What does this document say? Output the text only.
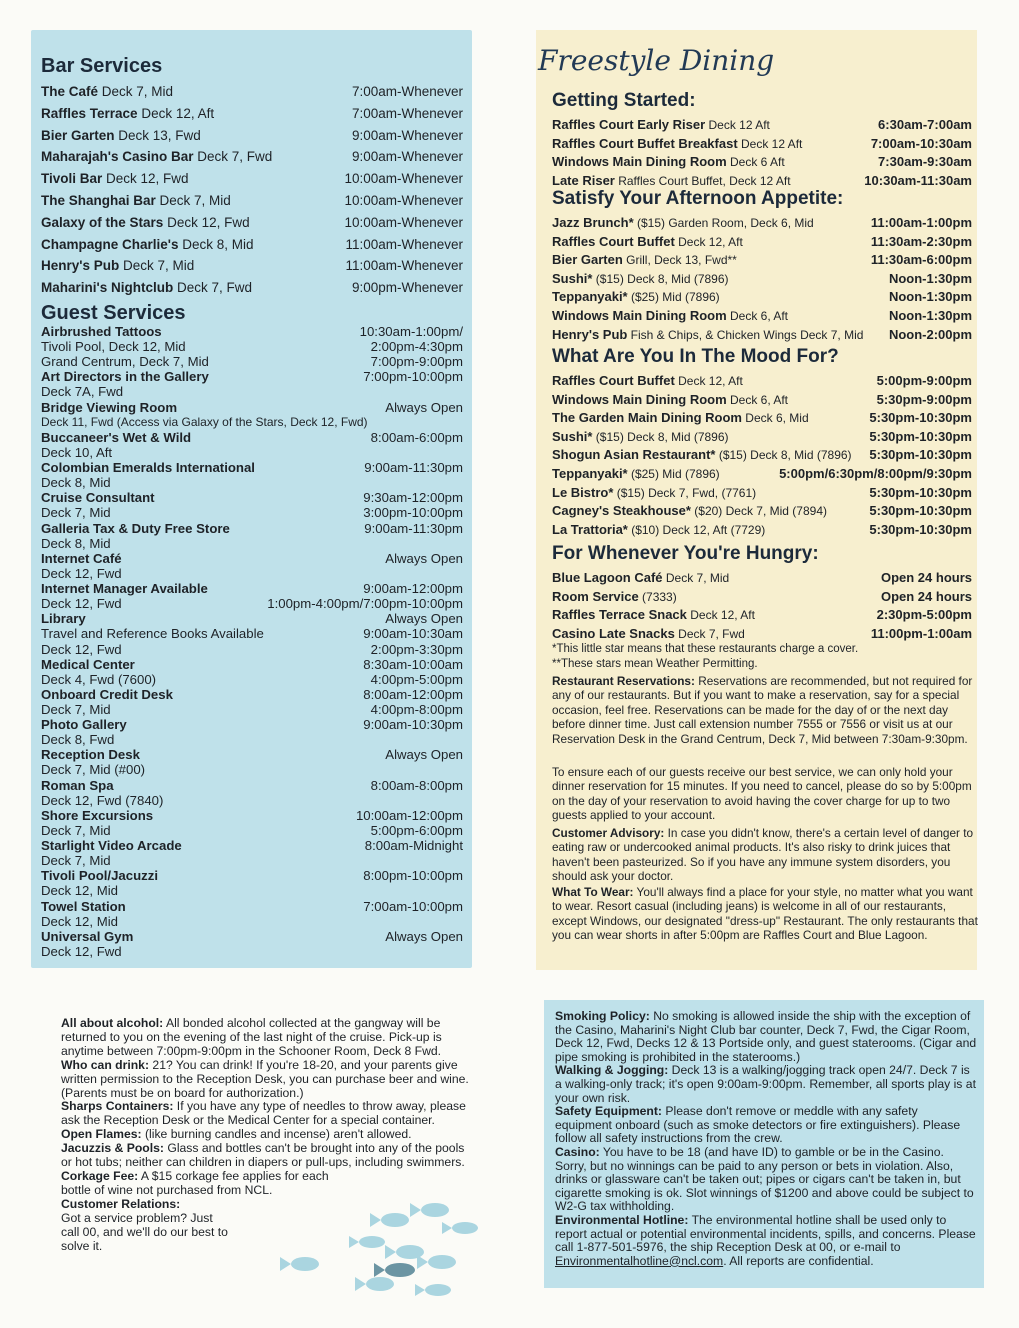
Bar Services
The Café Deck 7, Mid	7:00am-Whenever
Raffles Terrace Deck 12, Aft	7:00am-Whenever
Bier Garten Deck 13, Fwd	9:00am-Whenever
Maharajah's Casino Bar Deck 7, Fwd	9:00am-Whenever
Tivoli Bar Deck 12, Fwd	10:00am-Whenever
The Shanghai Bar Deck 7, Mid	10:00am-Whenever
Galaxy of the Stars Deck 12, Fwd	10:00am-Whenever
Champagne Charlie's Deck 8, Mid	11:00am-Whenever
Henry's Pub Deck 7, Mid	11:00am-Whenever
Maharini's Nightclub Deck 7, Fwd	9:00pm-Whenever
Guest Services
Airbrushed Tattoos	10:30am-1:00pm/
Tivoli Pool, Deck 12, Mid	2:00pm-4:30pm
Grand Centrum, Deck 7, Mid	7:00pm-9:00pm
Art Directors in the Gallery	7:00pm-10:00pm
Deck 7A, Fwd
Bridge Viewing Room	Always Open
Deck 11, Fwd (Access via Galaxy of the Stars, Deck 12, Fwd)
Buccaneer's Wet & Wild	8:00am-6:00pm
Deck 10, Aft
Colombian Emeralds International	9:00am-11:30pm
Deck 8, Mid
Cruise Consultant	9:30am-12:00pm
Deck 7, Mid	3:00pm-10:00pm
Galleria Tax & Duty Free Store	9:00am-11:30pm
Deck 8, Mid
Internet Café	Always Open
Deck 12, Fwd
Internet Manager Available	9:00am-12:00pm
Deck 12, Fwd	1:00pm-4:00pm/7:00pm-10:00pm
Library	Always Open
Travel and Reference Books Available	9:00am-10:30am
Deck 12, Fwd	2:00pm-3:30pm
Medical Center	8:30am-10:00am
Deck 4, Fwd (7600)	4:00pm-5:00pm
Onboard Credit Desk	8:00am-12:00pm
Deck 7, Mid	4:00pm-8:00pm
Photo Gallery	9:00am-10:30pm
Deck 8, Fwd
Reception Desk	Always Open
Deck 7, Mid (#00)
Roman Spa	8:00am-8:00pm
Deck 12, Fwd (7840)
Shore Excursions	10:00am-12:00pm
Deck 7, Mid	5:00pm-6:00pm
Starlight Video Arcade	8:00am-Midnight
Deck 7, Mid
Tivoli Pool/Jacuzzi	8:00pm-10:00pm
Deck 12, Mid
Towel Station	7:00am-10:00pm
Deck 12, Mid
Universal Gym	Always Open
Deck 12, Fwd
Freestyle Dining
Getting Started:
Raffles Court Early Riser Deck 12 Aft	6:30am-7:00am
Raffles Court Buffet Breakfast Deck 12 Aft	7:00am-10:30am
Windows Main Dining Room Deck 6 Aft	7:30am-9:30am
Late Riser Raffles Court Buffet, Deck 12 Aft	10:30am-11:30am
Satisfy Your Afternoon Appetite:
Jazz Brunch* ($15) Garden Room, Deck 6, Mid	11:00am-1:00pm
Raffles Court Buffet Deck 12, Aft	11:30am-2:30pm
Bier Garten Grill, Deck 13, Fwd**	11:30am-6:00pm
Sushi* ($15) Deck 8, Mid (7896)	Noon-1:30pm
Teppanyaki* ($25) Mid (7896)	Noon-1:30pm
Windows Main Dining Room Deck 6, Aft	Noon-1:30pm
Henry's Pub Fish & Chips, & Chicken Wings Deck 7, Mid	Noon-2:00pm
What Are You In The Mood For?
Raffles Court Buffet Deck 12, Aft	5:00pm-9:00pm
Windows Main Dining Room Deck 6, Aft	5:30pm-9:00pm
The Garden Main Dining Room Deck 6, Mid	5:30pm-10:30pm
Sushi* ($15) Deck 8, Mid (7896)	5:30pm-10:30pm
Shogun Asian Restaurant* ($15) Deck 8, Mid (7896)	5:30pm-10:30pm
Teppanyaki* ($25) Mid (7896)	5:00pm/6:30pm/8:00pm/9:30pm
Le Bistro* ($15) Deck 7, Fwd, (7761)	5:30pm-10:30pm
Cagney's Steakhouse* ($20) Deck 7, Mid (7894)	5:30pm-10:30pm
La Trattoria* ($10) Deck 12, Aft (7729)	5:30pm-10:30pm
For Whenever You're Hungry:
Blue Lagoon Café Deck 7, Mid	Open 24 hours
Room Service (7333)	Open 24 hours
Raffles Terrace Snack Deck 12, Aft	2:30pm-5:00pm
Casino Late Snacks Deck 7, Fwd	11:00pm-1:00am
*This little star means that these restaurants charge a cover.
**These stars mean Weather Permitting.
Restaurant Reservations: Reservations are recommended, but not required for any of our restaurants. But if you want to make a reservation, say for a special occasion, feel free. Reservations can be made for the day of or the next day before dinner time. Just call extension number 7555 or 7556 or visit us at our Reservation Desk in the Grand Centrum, Deck 7, Mid between 7:30am-9:30pm.
To ensure each of our guests receive our best service, we can only hold your dinner reservation for 15 minutes. If you need to cancel, please do so by 5:00pm on the day of your reservation to avoid having the cover charge for up to two guests applied to your account.
Customer Advisory: In case you didn't know, there's a certain level of danger to eating raw or undercooked animal products. It's also risky to drink juices that haven't been pasteurized. So if you have any immune system disorders, you should ask your doctor.
What To Wear: You'll always find a place for your style, no matter what you want to wear. Resort casual (including jeans) is welcome in all of our restaurants, except Windows, our designated "dress-up" Restaurant. The only restaurants that you can wear shorts in after 5:00pm are Raffles Court and Blue Lagoon.
All about alcohol: All bonded alcohol collected at the gangway will be returned to you on the evening of the last night of the cruise. Pick-up is anytime between 7:00pm-9:00pm in the Schooner Room, Deck 8 Fwd.
Who can drink: 21? You can drink! If you're 18-20, and your parents give written permission to the Reception Desk, you can purchase beer and wine. (Parents must be on board for authorization.)
Sharps Containers: If you have any type of needles to throw away, please ask the Reception Desk or the Medical Center for a special container.
Open Flames: (like burning candles and incense) aren't allowed.
Jacuzzis & Pools: Glass and bottles can't be brought into any of the pools or hot tubs; neither can children in diapers or pull-ups, including swimmers.
Corkage Fee: A $15 corkage fee applies for each bottle of wine not purchased from NCL.
Customer Relations:
Got a service problem? Just call 00, and we'll do our best to solve it.
Smoking Policy: No smoking is allowed inside the ship with the exception of the Casino, Maharini's Night Club bar counter, Deck 7, Fwd, the Cigar Room, Deck 12, Fwd, Decks 12 & 13 Portside only, and guest staterooms. (Cigar and pipe smoking is prohibited in the staterooms.)
Walking & Jogging: Deck 13 is a walking/jogging track open 24/7. Deck 7 is a walking-only track; it's open 9:00am-9:00pm. Remember, all sports play is at your own risk.
Safety Equipment: Please don't remove or meddle with any safety equipment onboard (such as smoke detectors or fire extinguishers). Please follow all safety instructions from the crew.
Casino: You have to be 18 (and have ID) to gamble or be in the Casino. Sorry, but no winnings can be paid to any person or bets in violation. Also, drinks or glassware can't be taken out; pipes or cigars can't be taken in, but cigarette smoking is ok. Slot winnings of $1200 and above could be subject to W2-G tax withholding.
Environmental Hotline: The environmental hotline shall be used only to report actual or potential environmental incidents, spills, and concerns. Please call 1-877-501-5976, the ship Reception Desk at 00, or e-mail to Environmentalhotline@ncl.com. All reports are confidential.
